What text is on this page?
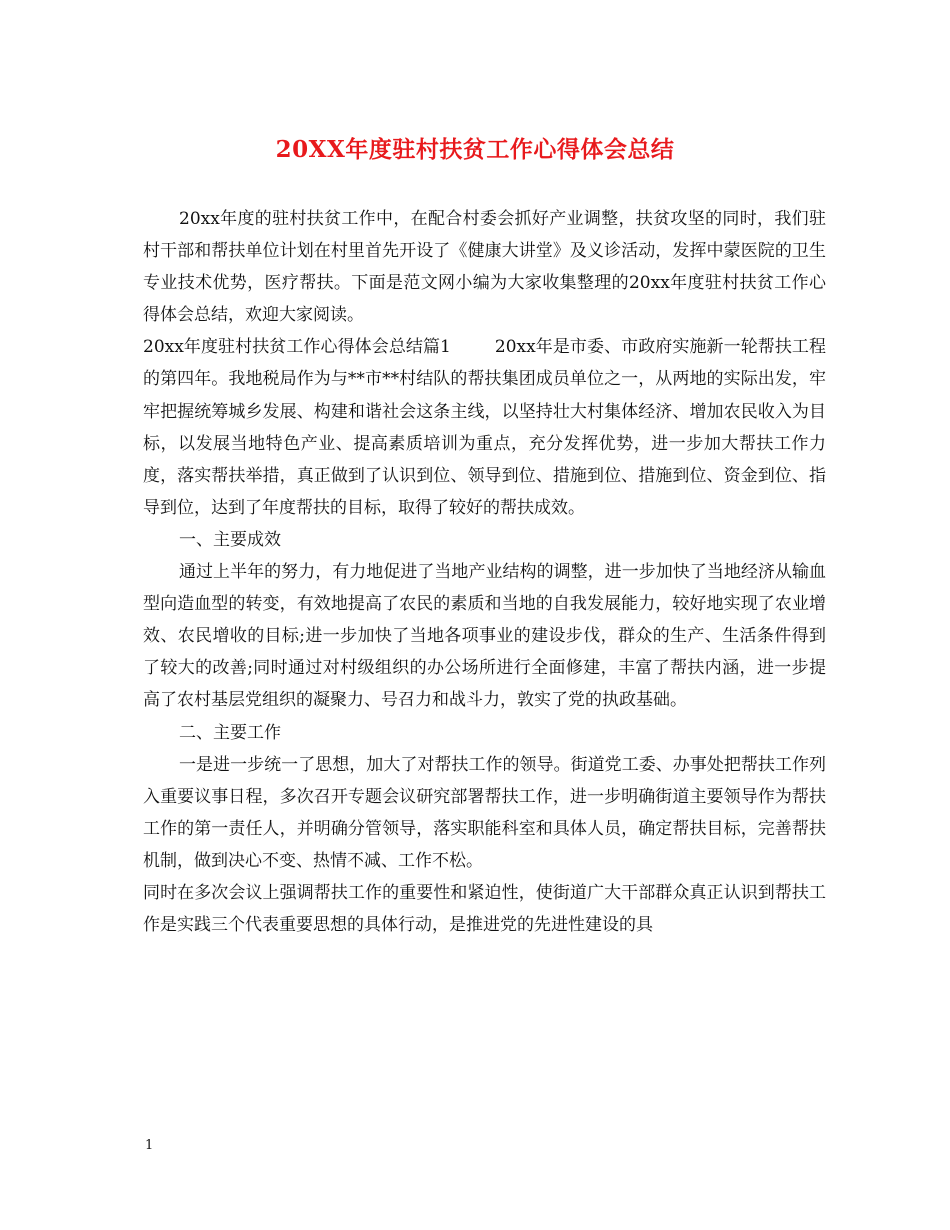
20XX年度驻村扶贫工作心得体会总结

20xx年度的驻村扶贫工作中，在配合村委会抓好产业调整，扶贫攻坚的同时，我们驻村干部和帮扶单位计划在村里首先开设了《健康大讲堂》及义诊活动，发挥中蒙医院的卫生专业技术优势，医疗帮扶。下面是范文网小编为大家收集整理的20xx年度驻村扶贫工作心得体会总结，欢迎大家阅读。

20xx年度驻村扶贫工作心得体会总结篇1	20xx年是市委、市政府实施新一轮帮扶工程的第四年。我地税局作为与**市**村结队的帮扶集团成员单位之一，从两地的实际出发，牢牢把握统筹城乡发展、构建和谐社会这条主线，以坚持壮大村集体经济、增加农民收入为目标，以发展当地特色产业、提高素质培训为重点，充分发挥优势，进一步加大帮扶工作力度，落实帮扶举措，真正做到了认识到位、领导到位、措施到位、措施到位、资金到位、指导到位，达到了年度帮扶的目标，取得了较好的帮扶成效。

一、主要成效

通过上半年的努力，有力地促进了当地产业结构的调整，进一步加快了当地经济从输血型向造血型的转变，有效地提高了农民的素质和当地的自我发展能力，较好地实现了农业增效、农民增收的目标;进一步加快了当地各项事业的建设步伐，群众的生产、生活条件得到了较大的改善;同时通过对村级组织的办公场所进行全面修建，丰富了帮扶内涵，进一步提高了农村基层党组织的凝聚力、号召力和战斗力，敦实了党的执政基础。

二、主要工作

一是进一步统一了思想，加大了对帮扶工作的领导。街道党工委、办事处把帮扶工作列入重要议事日程，多次召开专题会议研究部署帮扶工作，进一步明确街道主要领导作为帮扶工作的第一责任人，并明确分管领导，落实职能科室和具体人员，确定帮扶目标，完善帮扶机制，做到决心不变、热情不减、工作不松。

同时在多次会议上强调帮扶工作的重要性和紧迫性，使街道广大干部群众真正认识到帮扶工作是实践三个代表重要思想的具体行动，是推进党的先进性建设的具

1
